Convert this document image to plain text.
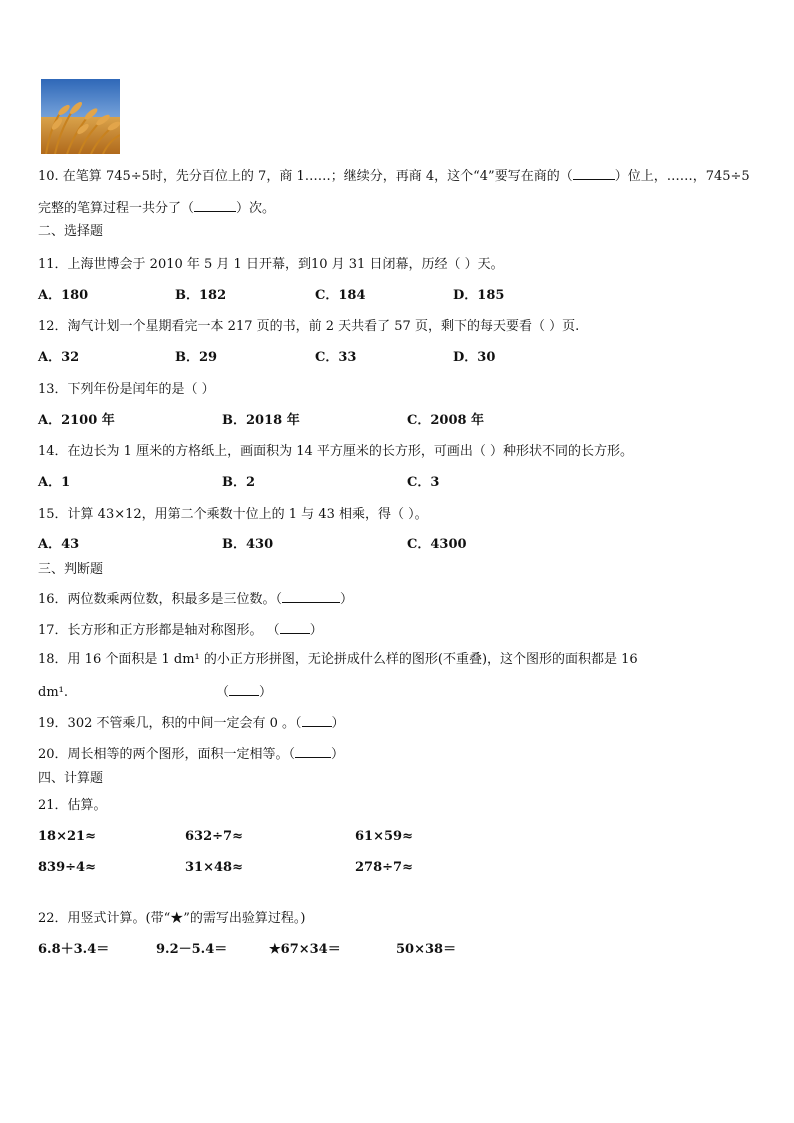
10. 在笔算 745÷5时，先分百位上的 7，商 1……；继续分，再商 4，这个“4”要写在商的（	）位上，……，745÷5
完整的笔算过程一共分了（	）次。
二、选择题
11．上海世博会于 2010 年 5 月 1 日开幕，到10 月 31 日闭幕，历经（ ）天。
A．180	B．182	C．184	D．185
12．淘气计划一个星期看完一本 217 页的书，前 2 天共看了 57 页，剩下的每天要看（ ）页.
A．32	B．29	C．33	D．30
13．下列年份是闰年的是（ ）
A．2100 年	B．2018 年	C．2008 年
14．在边长为 1 厘米的方格纸上，画面积为 14 平方厘米的长方形，可画出（ ）种形状不同的长方形。
A．1	B．2	C．3
15．计算 43×12，用第二个乘数十位上的 1 与 43 相乘，得（ ）。
A．43	B．430	C．4300
三、判断题
16．两位数乘两位数，积最多是三位数。（	）
17．长方形和正方形都是轴对称图形。 （ ）
18．用 16 个面积是 1 dm¹ 的小正方形拼图，无论拼成什么样的图形(不重叠)，这个图形的面积都是 16
dm¹.	（ ）
19．302 不管乘几，积的中间一定会有 0 。（ ）
20．周长相等的两个图形，面积一定相等。（	）
四、计算题
21．估算。
18×21≈	632÷7≈	61×59≈
839÷4≈	31×48≈	278÷7≈
22．用竖式计算。(带“★”的需写出验算过程。)
6.8＋3.4＝	9.2－5.4＝	★67×34＝	50×38＝
